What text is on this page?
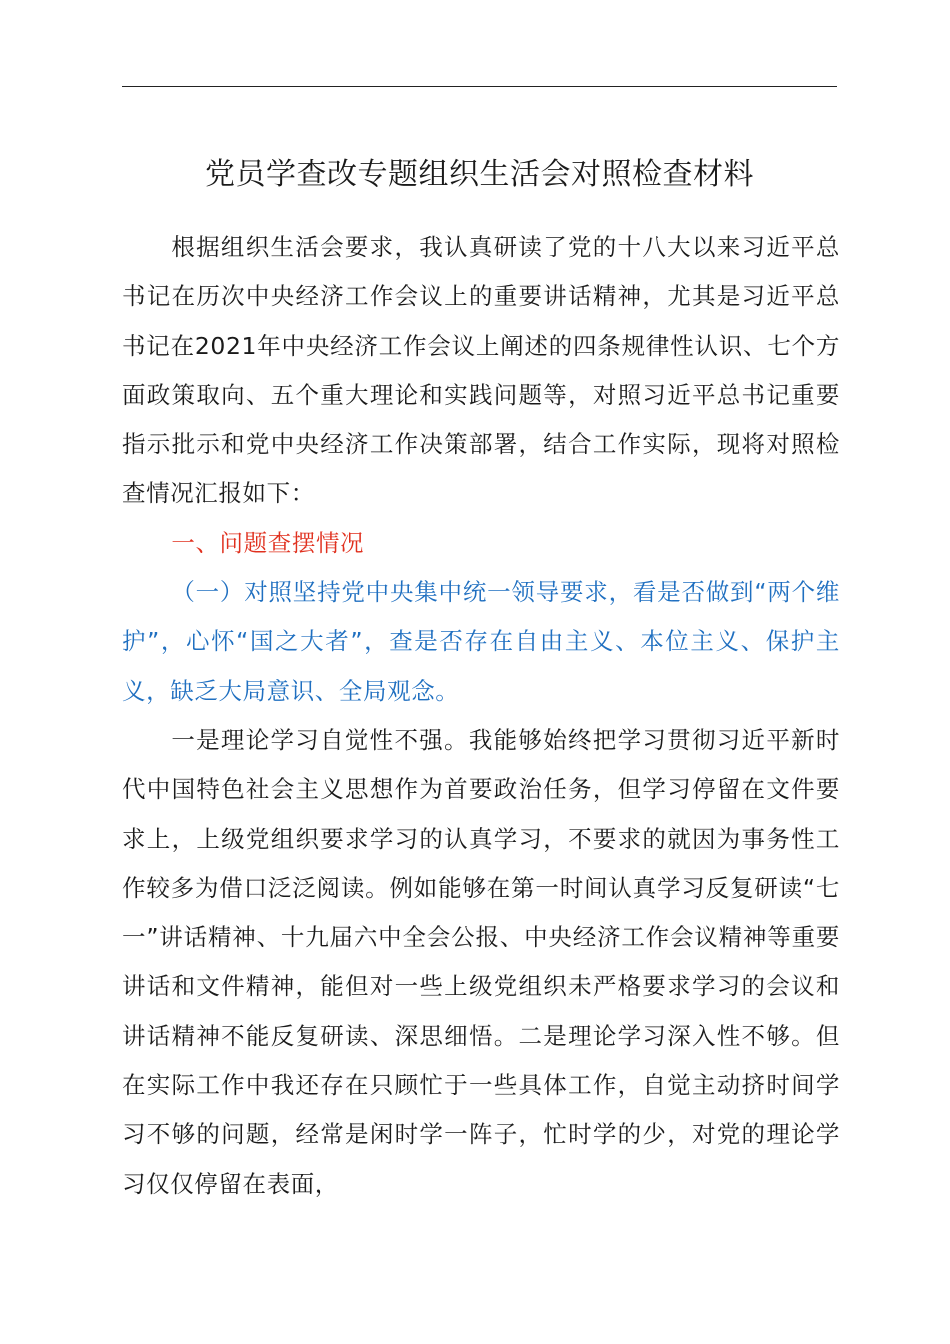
党员学查改专题组织生活会对照检查材料

根据组织生活会要求，我认真研读了党的十八大以来习近平总书记在历次中央经济工作会议上的重要讲话精神，尤其是习近平总书记在2021年中央经济工作会议上阐述的四条规律性认识、七个方面政策取向、五个重大理论和实践问题等，对照习近平总书记重要指示批示和党中央经济工作决策部署，结合工作实际，现将对照检查情况汇报如下：

一、问题查摆情况

（一）对照坚持党中央集中统一领导要求，看是否做到“两个维护”，心怀“国之大者”，查是否存在自由主义、本位主义、保护主义，缺乏大局意识、全局观念。

一是理论学习自觉性不强。我能够始终把学习贯彻习近平新时代中国特色社会主义思想作为首要政治任务，但学习停留在文件要求上，上级党组织要求学习的认真学习，不要求的就因为事务性工作较多为借口泛泛阅读。例如能够在第一时间认真学习反复研读“七一”讲话精神、十九届六中全会公报、中央经济工作会议精神等重要讲话和文件精神，能但对一些上级党组织未严格要求学习的会议和讲话精神不能反复研读、深思细悟。二是理论学习深入性不够。但在实际工作中我还存在只顾忙于一些具体工作，自觉主动挤时间学习不够的问题，经常是闲时学一阵子，忙时学的少，对党的理论学习仅仅停留在表面，
